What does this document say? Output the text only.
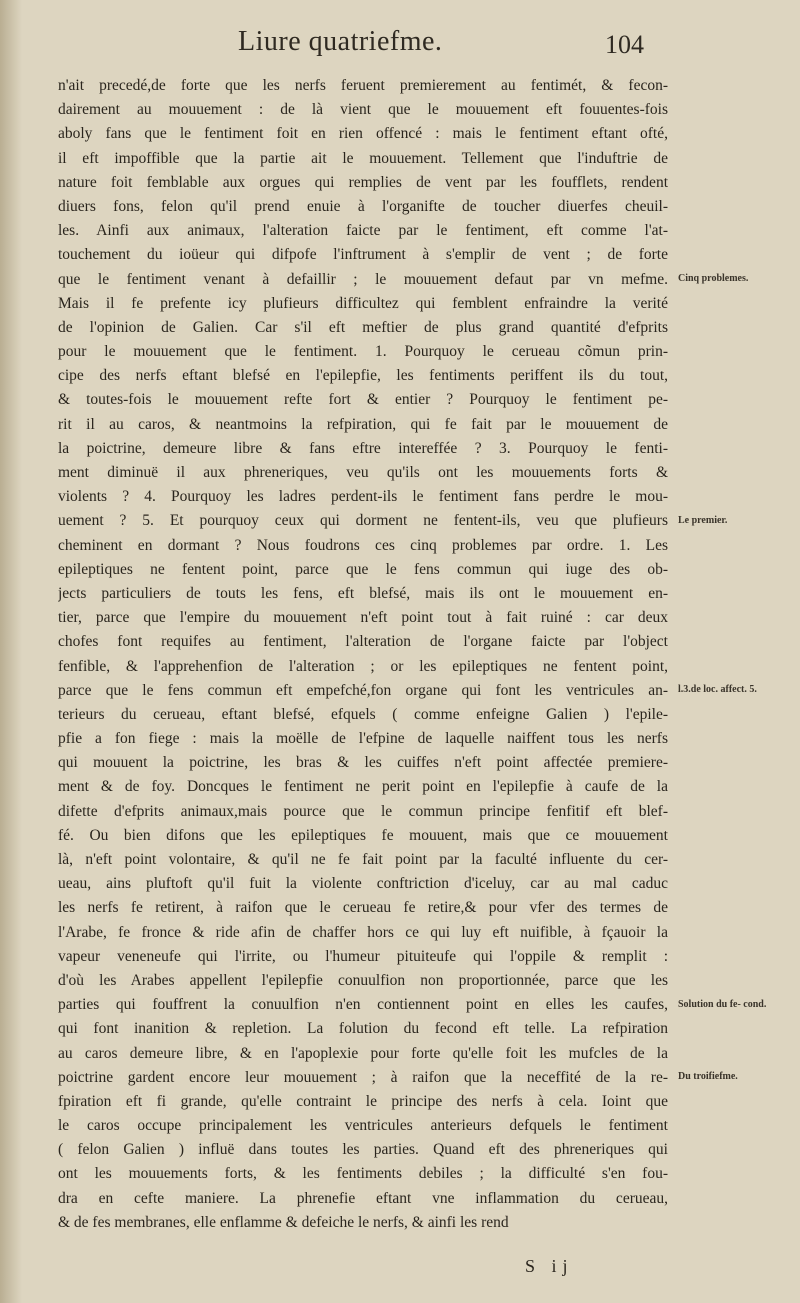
Liure quatriefme.	104
n'ait precedé,de forte que les nerfs feruent premierement au fentimét, & fecon-
dairement au mouuement : de là vient que le mouuement eft fouuentes-fois
aboly fans que le fentiment foit en rien offencé : mais le fentiment eftant ofté,
il eft impoffible que la partie ait le mouuement. Tellement que l'induftrie de
nature foit femblable aux orgues qui remplies de vent par les foufflets, rendent
diuers fons, felon qu'il prend enuie à l'organifte de toucher diuerfes cheuil-
les. Ainfi aux animaux, l'alteration faicte par le fentiment, eft comme l'at-
touchement du ioüeur qui difpofe l'inftrument à s'emplir de vent ; de forte
que le fentiment venant à defaillir ; le mouuement defaut par vn mefme.
Mais il fe prefente icy plufieurs difficultez qui femblent enfraindre la verité
de l'opinion de Galien. Car s'il eft meftier de plus grand quantité d'efprits
pour le mouuement que le fentiment. 1. Pourquoy le cerueau cõmun prin-
cipe des nerfs eftant blefsé en l'epilepfie, les fentiments periffent ils du tout,
& toutes-fois le mouuement refte fort & entier ? Pourquoy le fentiment pe-
rit il au caros, & neantmoins la refpiration, qui fe fait par le mouuement de
la poictrine, demeure libre & fans eftre intereffée ? 3. Pourquoy le fenti-
ment diminuë il aux phreneriques, veu qu'ils ont les mouuements forts &
violents ? 4. Pourquoy les ladres perdent-ils le fentiment fans perdre le mou-
uement ? 5. Et pourquoy ceux qui dorment ne fentent-ils, veu que plufieurs
cheminent en dormant ? Nous foudrons ces cinq problemes par ordre. 1. Les
epileptiques ne fentent point, parce que le fens commun qui iuge des ob-
jects particuliers de touts les fens, eft blefsé, mais ils ont le mouuement en-
tier, parce que l'empire du mouuement n'eft point tout à fait ruiné : car deux
chofes font requifes au fentiment, l'alteration de l'organe faicte par l'object
fenfible, & l'apprehenfion de l'alteration ; or les epileptiques ne fentent point,
parce que le fens commun eft empefché,fon organe qui font les ventricules an-
terieurs du cerueau, eftant blefsé, efquels ( comme enfeigne Galien ) l'epile-
pfie a fon fiege : mais la moëlle de l'efpine de laquelle naiffent tous les nerfs
qui mouuent la poictrine, les bras & les cuiffes n'eft point affectée premiere-
ment & de foy. Doncques le fentiment ne perit point en l'epilepfie à caufe de la
difette d'efprits animaux,mais pource que le commun principe fenfitif eft blef-
fé. Ou bien difons que les epileptiques fe mouuent, mais que ce mouuement
là, n'eft point volontaire, & qu'il ne fe fait point par la faculté influente du cer-
ueau, ains pluftoft qu'il fuit la violente conftriction d'iceluy, car au mal caduc
les nerfs fe retirent, à raifon que le cerueau fe retire,& pour vfer des termes de
l'Arabe, fe fronce & ride afin de chaffer hors ce qui luy eft nuifible, à fçauoir la
vapeur veneneufe qui l'irrite, ou l'humeur pituiteufe qui l'oppile & remplit :
d'où les Arabes appellent l'epilepfie conuulfion non proportionnée, parce que les
parties qui fouffrent la conuulfion n'en contiennent point en elles les caufes,
qui font inanition & repletion. La folution du fecond eft telle. La refpiration
au caros demeure libre, & en l'apoplexie pour forte qu'elle foit les mufcles de la
poictrine gardent encore leur mouuement ; à raifon que la neceffité de la re-
fpiration eft fi grande, qu'elle contraint le principe des nerfs à cela. Ioint que
le caros occupe principalement les ventricules anterieurs defquels le fentiment
( felon Galien ) influë dans toutes les parties. Quand eft des phreneriques qui
ont les mouuements forts, & les fentiments debiles ; la difficulté s'en fou-
dra en cefte maniere. La phrenefie eftant vne inflammation du cerueau,
& de fes membranes, elle enflamme & defeiche le nerfs, & ainfi les rend
Cinq problemes.
Le premier.
l.3.de loc. affect. 5.
Solution du fe- cond.
Du troifiefme.
S ij
